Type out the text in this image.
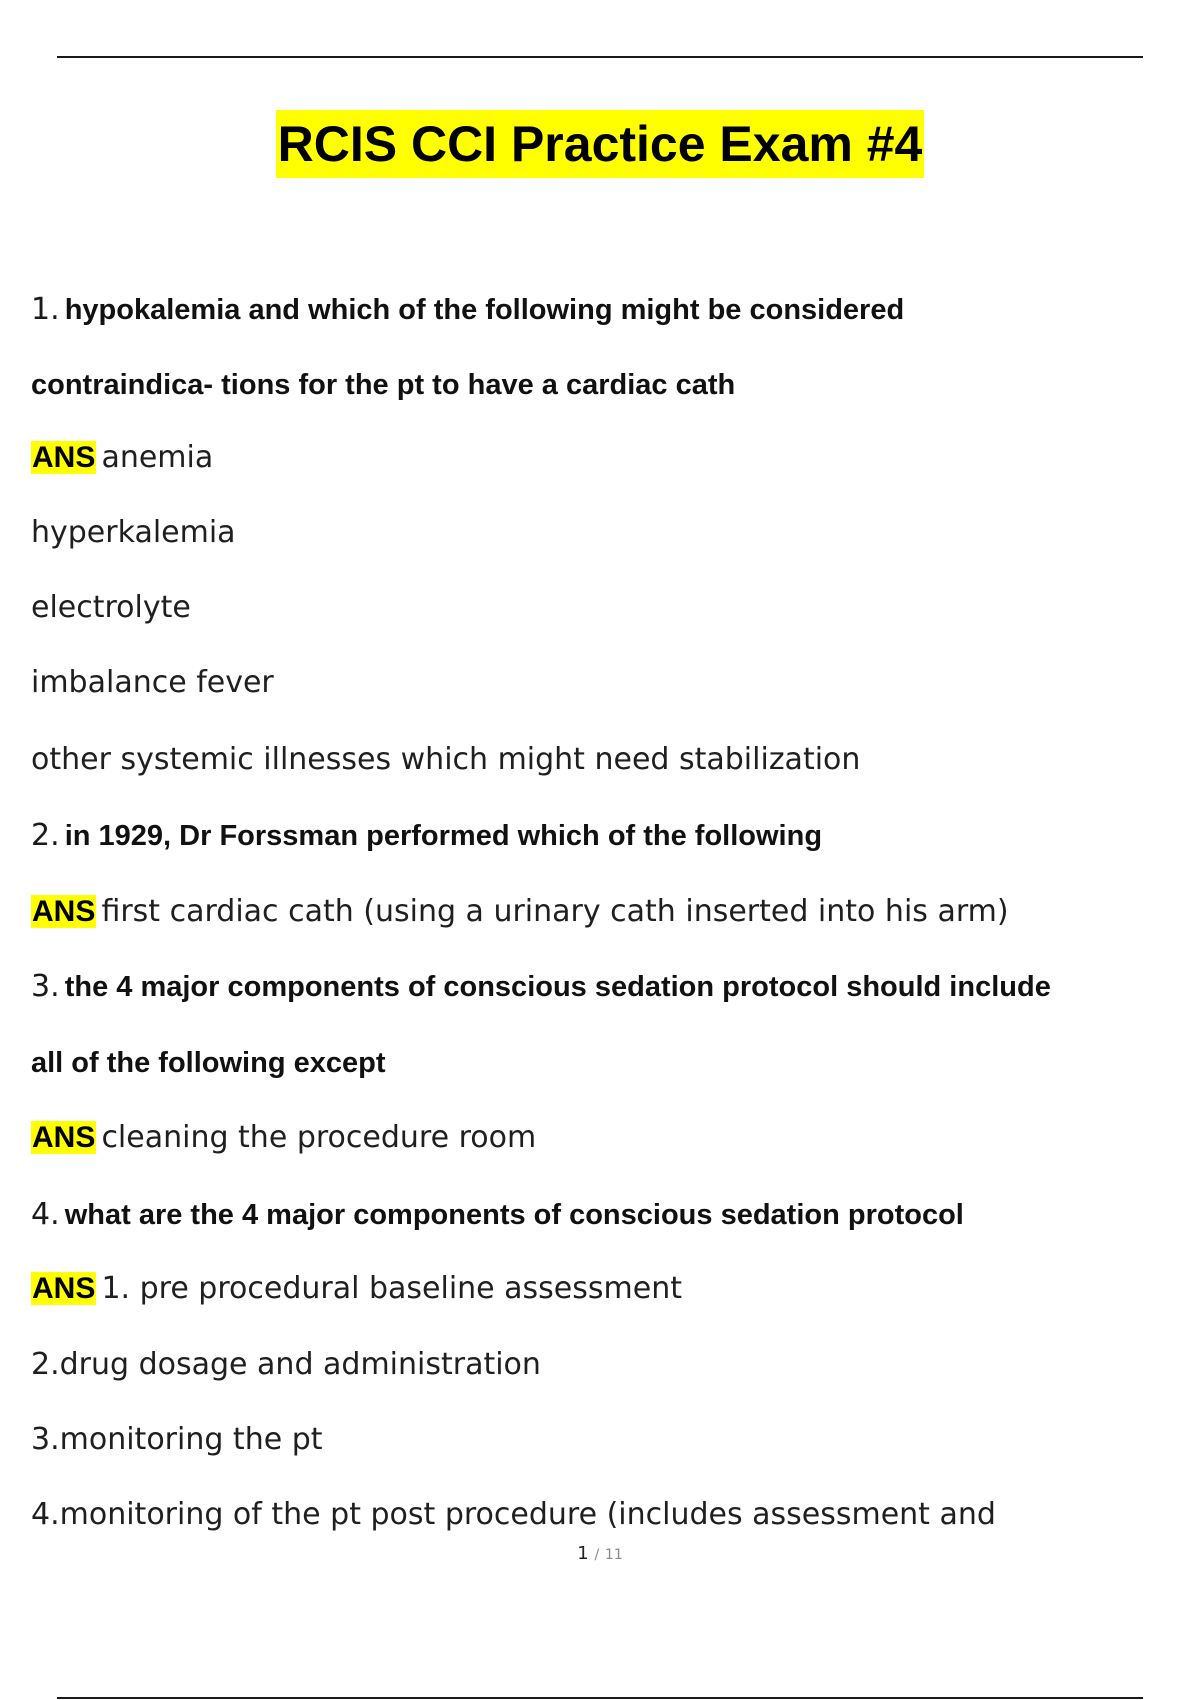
RCIS CCI Practice Exam #4
1. hypokalemia and which of the following might be considered
contraindica- tions for the pt to have a cardiac cath
ANS anemia
hyperkalemia
electrolyte
imbalance fever
other systemic illnesses which might need stabilization
2. in 1929, Dr Forssman performed which of the following
ANS first cardiac cath (using a urinary cath inserted into his arm)
3. the 4 major components of conscious sedation protocol should include
all of the following except
ANS cleaning the procedure room
4. what are the 4 major components of conscious sedation protocol
ANS 1. pre procedural baseline assessment
2.drug dosage and administration
3.monitoring the pt
4.monitoring of the pt post procedure (includes assessment and
1 / 11
